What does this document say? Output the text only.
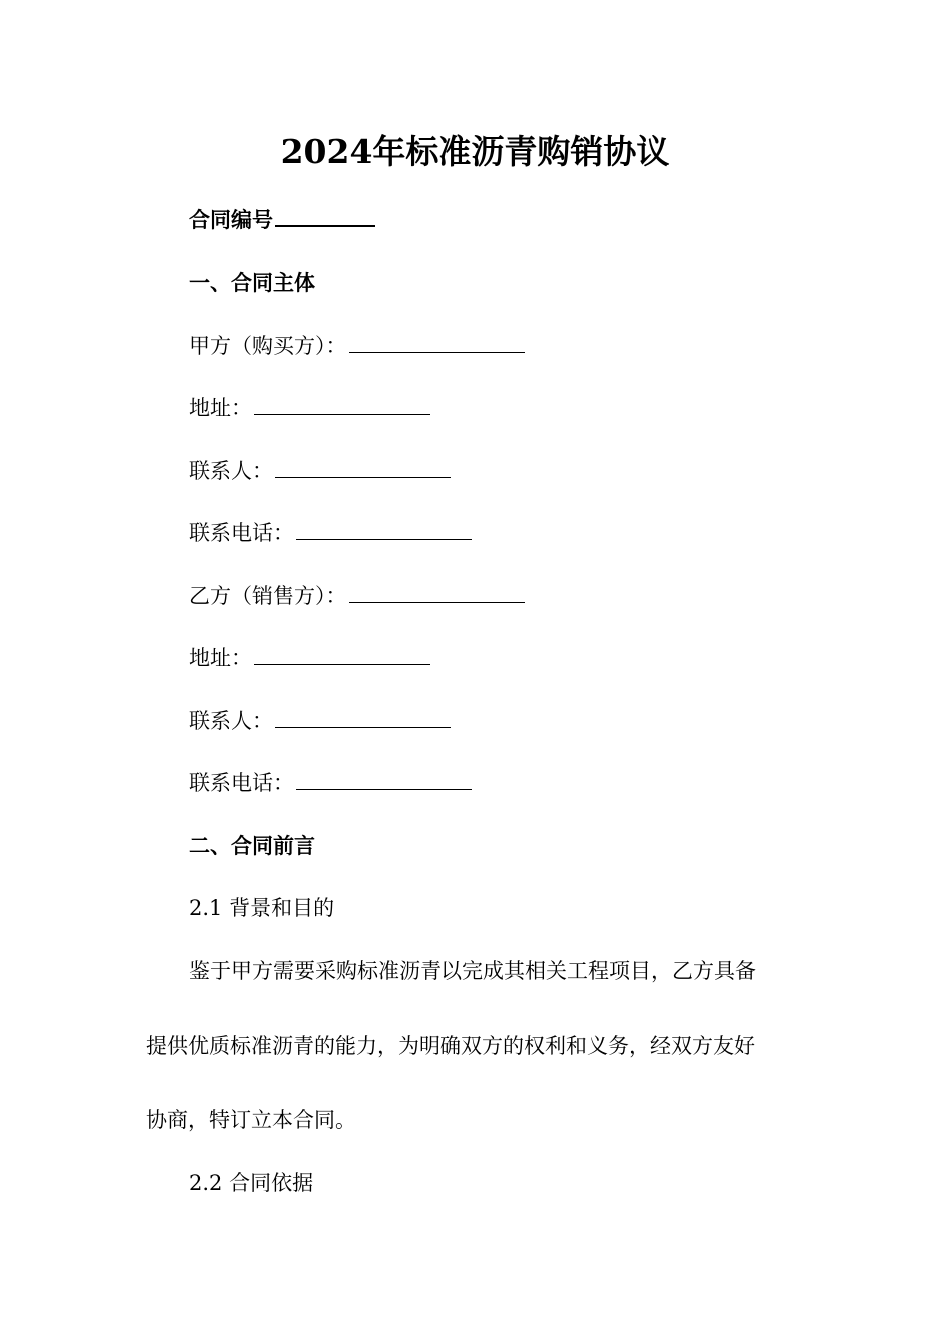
2024年标准沥青购销协议
合同编号
一、合同主体
甲方（购买方）：
地址：
联系人：
联系电话：
乙方（销售方）：
地址：
联系人：
联系电话：
二、合同前言
2.1 背景和目的
鉴于甲方需要采购标准沥青以完成其相关工程项目，乙方具备
提供优质标准沥青的能力，为明确双方的权利和义务，经双方友好
协商，特订立本合同。
2.2 合同依据
